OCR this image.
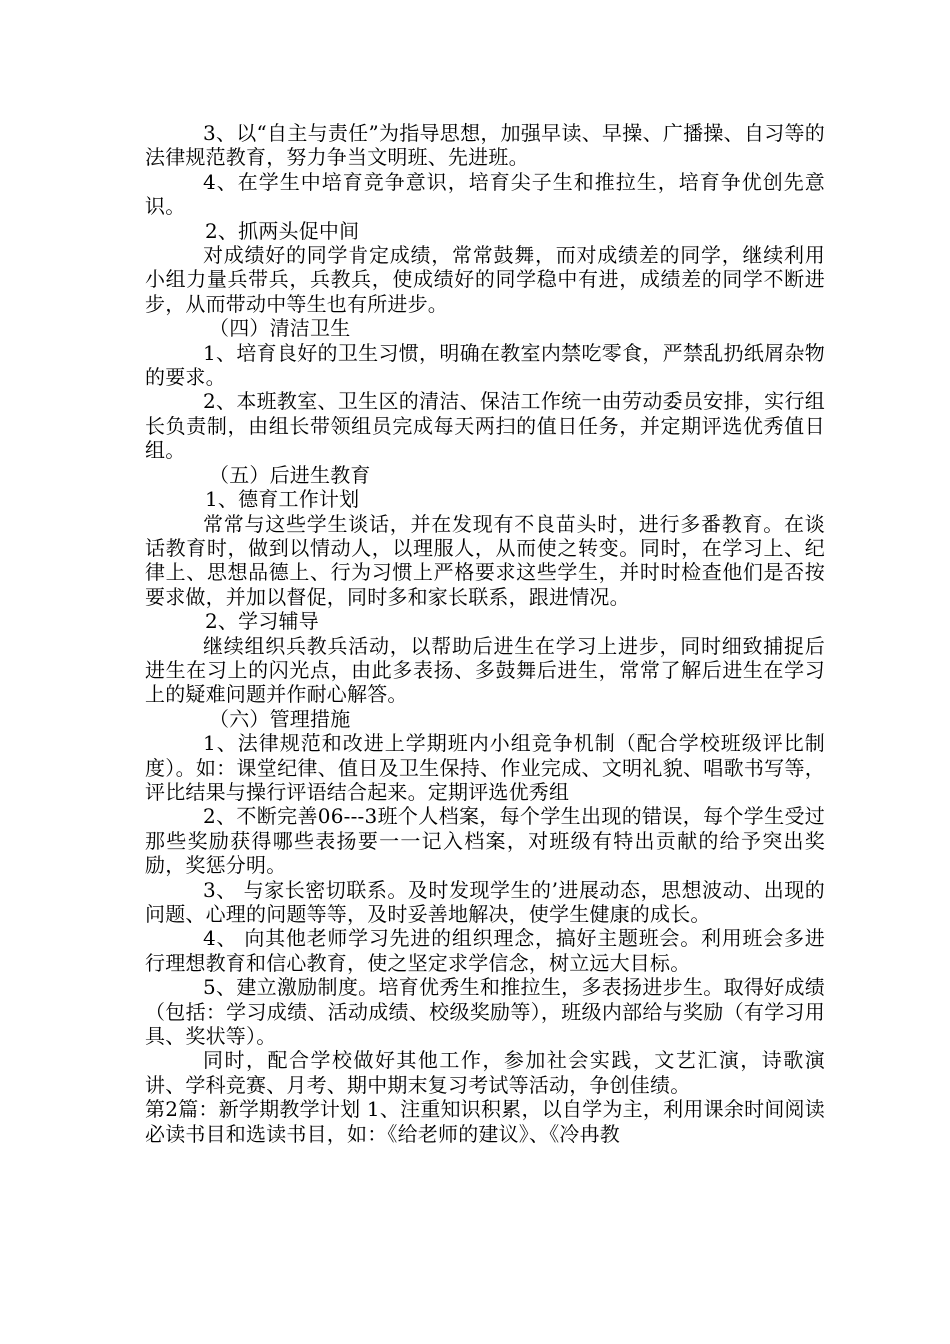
3、以“自主与责任”为指导思想，加强早读、早操、广播操、自习等的法律规范教育，努力争当文明班、先进班。

4、在学生中培育竞争意识，培育尖子生和推拉生，培育争优创先意识。

2、抓两头促中间

对成绩好的同学肯定成绩，常常鼓舞，而对成绩差的同学，继续利用小组力量兵带兵，兵教兵，使成绩好的同学稳中有进，成绩差的同学不断进步，从而带动中等生也有所进步。

（四）清洁卫生

1、培育良好的卫生习惯，明确在教室内禁吃零食，严禁乱扔纸屑杂物的要求。

2、本班教室、卫生区的清洁、保洁工作统一由劳动委员安排，实行组长负责制，由组长带领组员完成每天两扫的值日任务，并定期评选优秀值日组。

（五）后进生教育

1、德育工作计划

常常与这些学生谈话，并在发现有不良苗头时，进行多番教育。在谈话教育时，做到以情动人，以理服人，从而使之转变。同时，在学习上、纪律上、思想品德上、行为习惯上严格要求这些学生，并时时检查他们是否按要求做，并加以督促，同时多和家长联系，跟进情况。

2、学习辅导

继续组织兵教兵活动，以帮助后进生在学习上进步，同时细致捕捉后进生在习上的闪光点，由此多表扬、多鼓舞后进生，常常了解后进生在学习上的疑难问题并作耐心解答。

（六）管理措施

1、法律规范和改进上学期班内小组竞争机制（配合学校班级评比制度）。如：课堂纪律、值日及卫生保持、作业完成、文明礼貌、唱歌书写等，评比结果与操行评语结合起来。定期评选优秀组

2、不断完善06---3班个人档案，每个学生出现的错误，每个学生受过那些奖励获得哪些表扬要一一记入档案，对班级有特出贡献的给予突出奖励，奖惩分明。

3、 与家长密切联系。及时发现学生的’进展动态，思想波动、出现的问题、心理的问题等等，及时妥善地解决，使学生健康的成长。

4、 向其他老师学习先进的组织理念，搞好主题班会。利用班会多进行理想教育和信心教育，使之坚定求学信念，树立远大目标。

5、建立激励制度。培育优秀生和推拉生，多表扬进步生。取得好成绩（包括：学习成绩、活动成绩、校级奖励等），班级内部给与奖励（有学习用具、奖状等）。

同时，配合学校做好其他工作，参加社会实践，文艺汇演，诗歌演讲、学科竞赛、月考、期中期末复习考试等活动，争创佳绩。

第2篇：新学期教学计划 1、注重知识积累，以自学为主，利用课余时间阅读必读书目和选读书目，如：《给老师的建议》、《冷冉教
